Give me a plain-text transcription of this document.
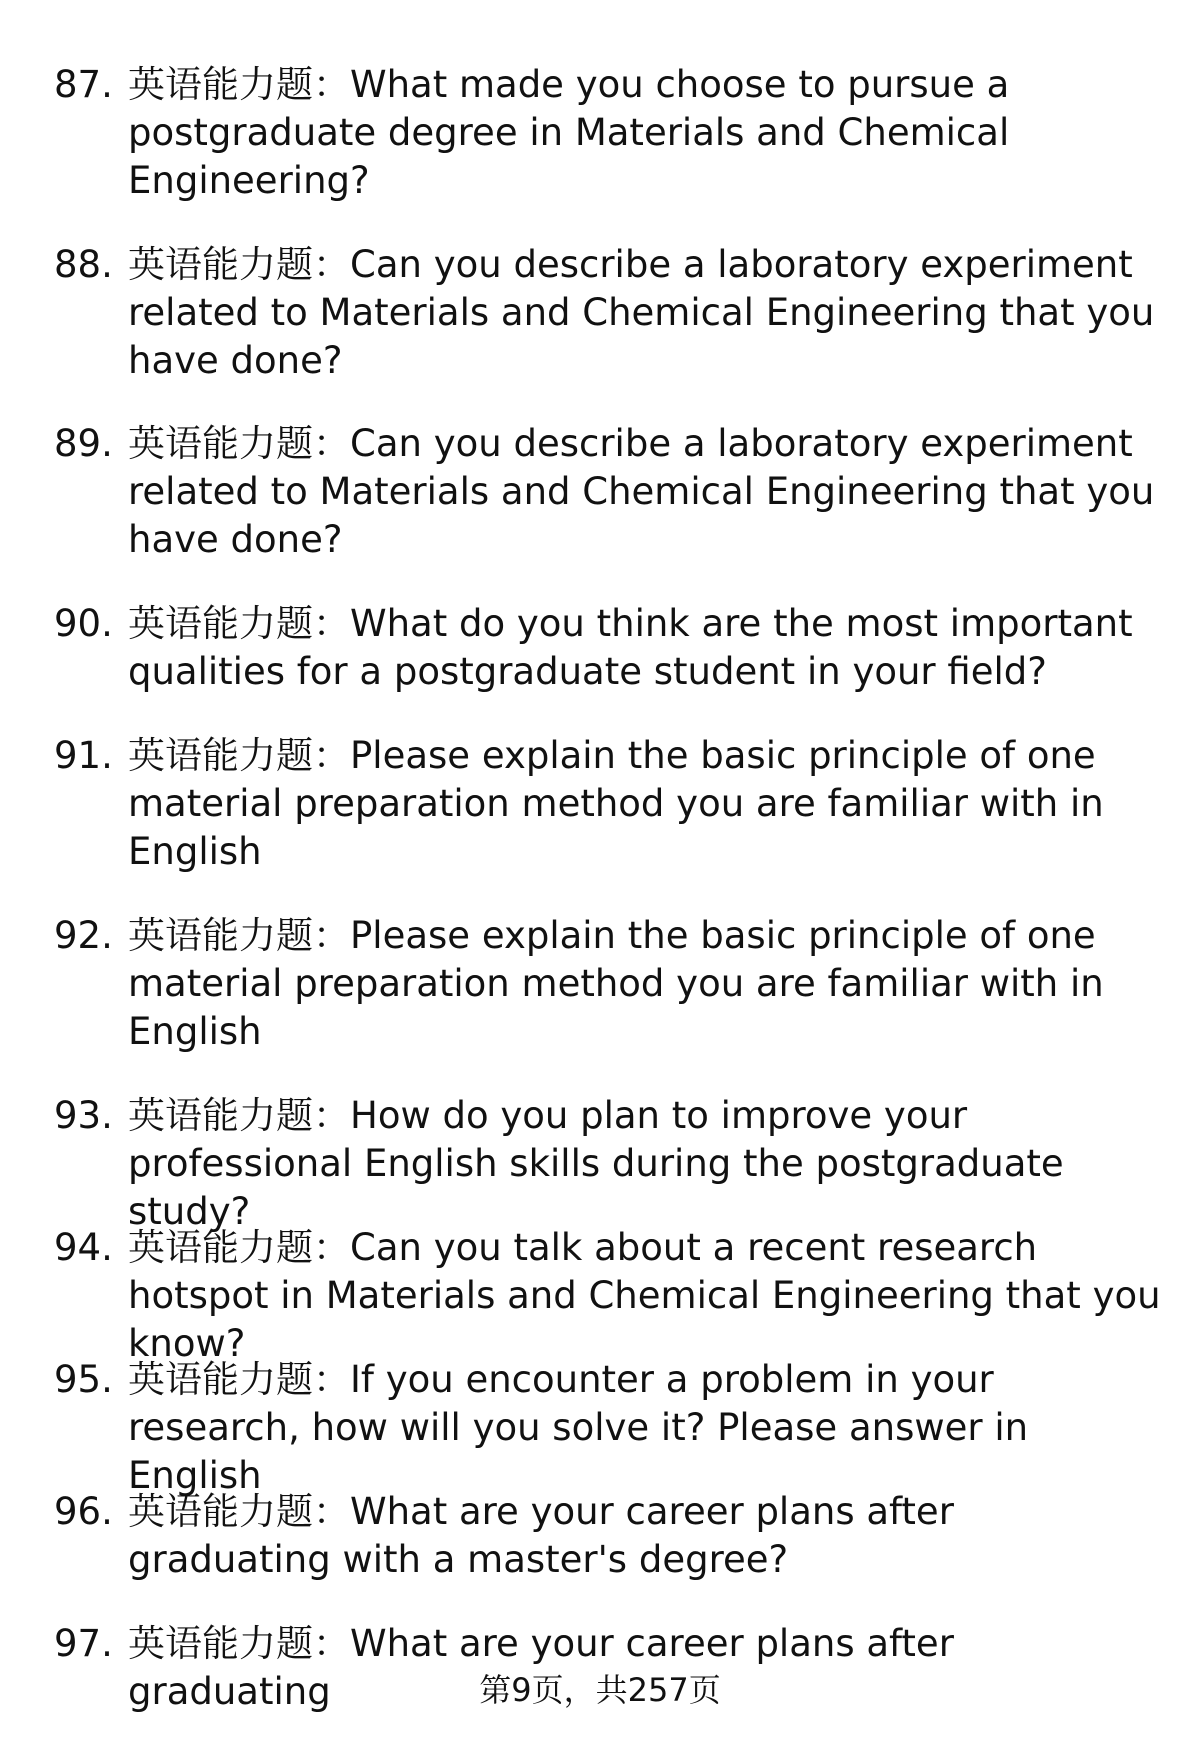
87. 英语能力题：What made you choose to pursue a postgraduate degree in Materials and Chemical Engineering?
88. 英语能力题：Can you describe a laboratory experiment related to Materials and Chemical Engineering that you have done?
89. 英语能力题：Can you describe a laboratory experiment related to Materials and Chemical Engineering that you have done?
90. 英语能力题：What do you think are the most important qualities for a postgraduate student in your field?
91. 英语能力题：Please explain the basic principle of one material preparation method you are familiar with in English
92. 英语能力题：Please explain the basic principle of one material preparation method you are familiar with in English
93. 英语能力题：How do you plan to improve your professional English skills during the postgraduate study?
94. 英语能力题：Can you talk about a recent research hotspot in Materials and Chemical Engineering that you know?
95. 英语能力题：If you encounter a problem in your research, how will you solve it? Please answer in English
96. 英语能力题：What are your career plans after graduating with a master's degree?
97. 英语能力题：What are your career plans after graduating	第9页，共257页
